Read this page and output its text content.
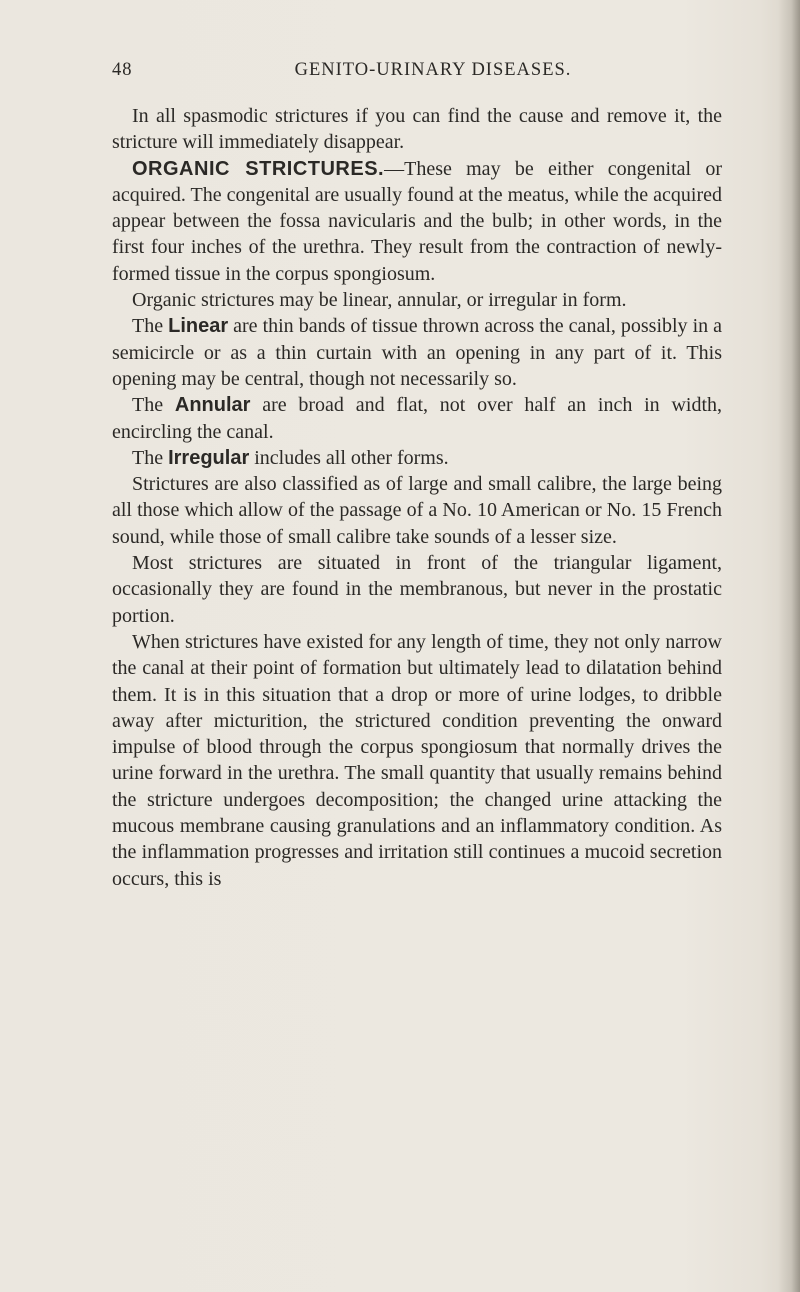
48	GENITO-URINARY DISEASES.

In all spasmodic strictures if you can find the cause and remove it, the stricture will immediately disappear.

ORGANIC STRICTURES.—These may be either congenital or acquired. The congenital are usually found at the meatus, while the acquired appear between the fossa navicularis and the bulb; in other words, in the first four inches of the urethra. They result from the contraction of newly-formed tissue in the corpus spongiosum.

Organic strictures may be linear, annular, or irregular in form.

The Linear are thin bands of tissue thrown across the canal, possibly in a semicircle or as a thin curtain with an opening in any part of it. This opening may be central, though not necessarily so.

The Annular are broad and flat, not over half an inch in width, encircling the canal.

The Irregular includes all other forms.

Strictures are also classified as of large and small calibre, the large being all those which allow of the passage of a No. 10 American or No. 15 French sound, while those of small calibre take sounds of a lesser size.

Most strictures are situated in front of the triangular ligament, occasionally they are found in the membranous, but never in the prostatic portion.

When strictures have existed for any length of time, they not only narrow the canal at their point of formation but ultimately lead to dilatation behind them. It is in this situation that a drop or more of urine lodges, to dribble away after micturition, the strictured condition preventing the onward impulse of blood through the corpus spongiosum that normally drives the urine forward in the urethra. The small quantity that usually remains behind the stricture undergoes decomposition; the changed urine attacking the mucous membrane causing granulations and an inflammatory condition. As the inflammation progresses and irritation still continues a mucoid secretion occurs, this is
